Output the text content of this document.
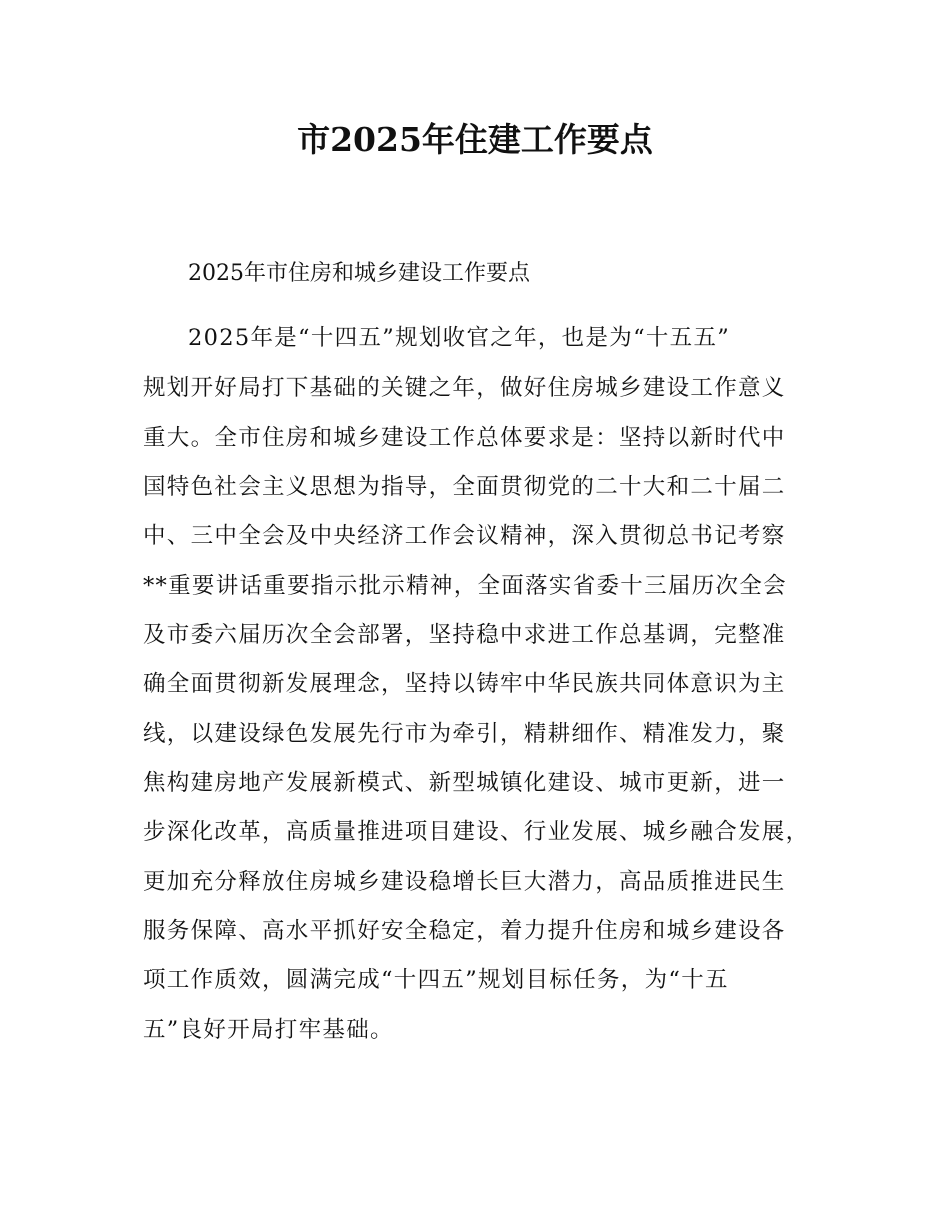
市2025年住建工作要点
2025年市住房和城乡建设工作要点
2025年是“十四五”规划收官之年，也是为“十五五”
规划开好局打下基础的关键之年，做好住房城乡建设工作意义
重大。全市住房和城乡建设工作总体要求是：坚持以新时代中
国特色社会主义思想为指导，全面贯彻党的二十大和二十届二
中、三中全会及中央经济工作会议精神，深入贯彻总书记考察
**重要讲话重要指示批示精神，全面落实省委十三届历次全会
及市委六届历次全会部署，坚持稳中求进工作总基调，完整准
确全面贯彻新发展理念，坚持以铸牢中华民族共同体意识为主
线，以建设绿色发展先行市为牵引，精耕细作、精准发力，聚
焦构建房地产发展新模式、新型城镇化建设、城市更新，进一
步深化改革，高质量推进项目建设、行业发展、城乡融合发展，
更加充分释放住房城乡建设稳增长巨大潜力，高品质推进民生
服务保障、高水平抓好安全稳定，着力提升住房和城乡建设各
项工作质效，圆满完成“十四五”规划目标任务，为“十五
五”良好开局打牢基础。
